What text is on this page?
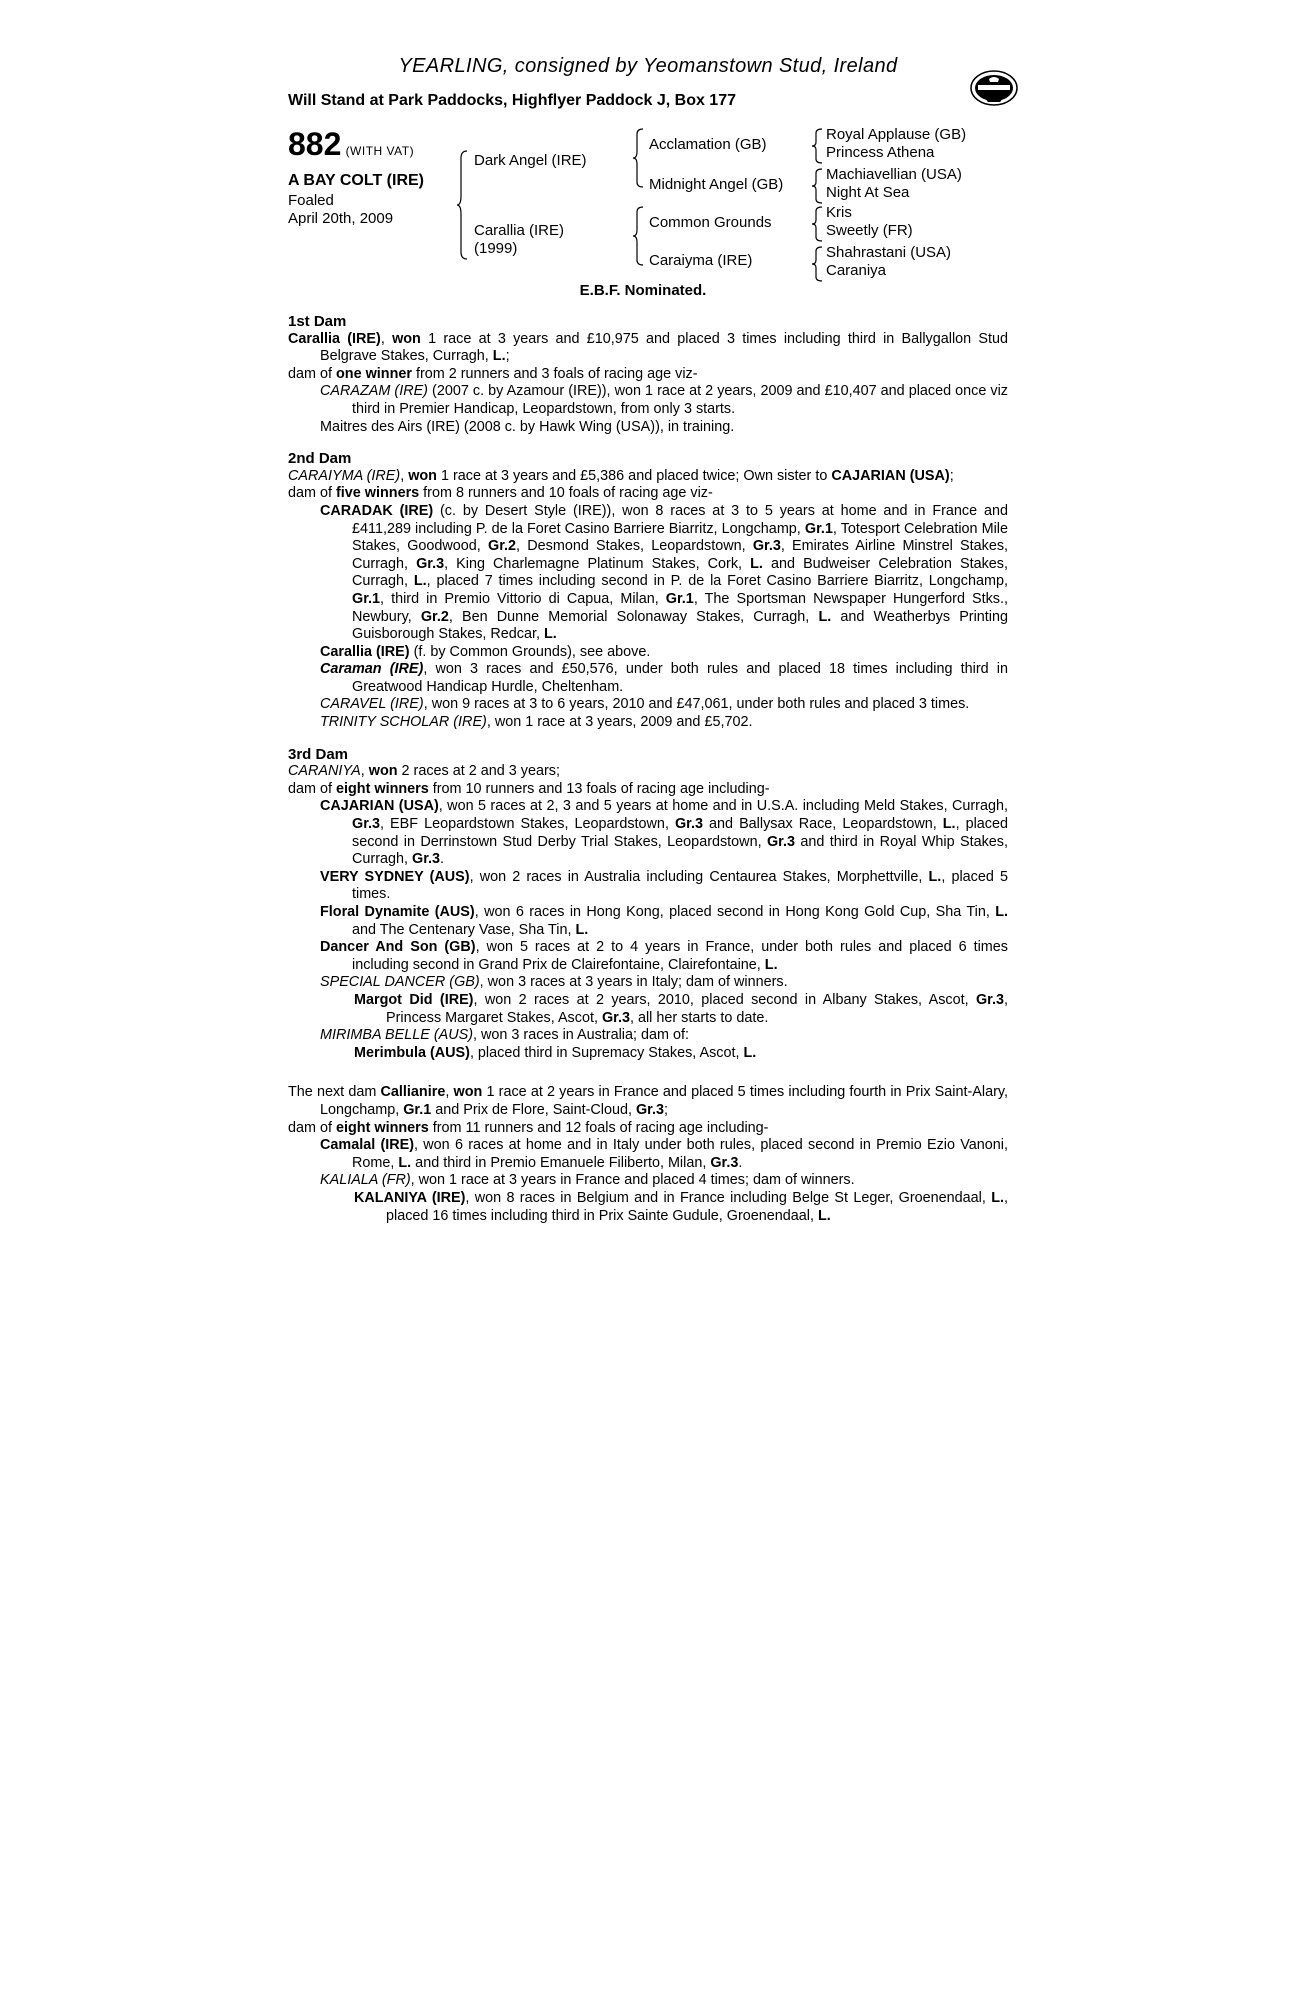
YEARLING, consigned by Yeomanstown Stud, Ireland

Will Stand at Park Paddocks, Highflyer Paddock J, Box 177

882 (WITH VAT)
A BAY COLT (IRE)
Foaled
April 20th, 2009
Dark Angel (IRE)
Carallia (IRE)
(1999)
Acclamation (GB)
Midnight Angel (GB)
Common Grounds
Caraiyma (IRE)
Royal Applause (GB)
Princess Athena
Machiavellian (USA)
Night At Sea
Kris
Sweetly (FR)
Shahrastani (USA)
Caraniya
E.B.F. Nominated.
1st Dam

Carallia (IRE), won 1 race at 3 years and £10,975 and placed 3 times including third in Ballygallon Stud Belgrave Stakes, Curragh, L.;

dam of one winner from 2 runners and 3 foals of racing age viz-

CARAZAM (IRE) (2007 c. by Azamour (IRE)), won 1 race at 2 years, 2009 and £10,407 and placed once viz third in Premier Handicap, Leopardstown, from only 3 starts.

Maitres des Airs (IRE) (2008 c. by Hawk Wing (USA)), in training.

2nd Dam

CARAIYMA (IRE), won 1 race at 3 years and £5,386 and placed twice; Own sister to CAJARIAN (USA);

dam of five winners from 8 runners and 10 foals of racing age viz-

CARADAK (IRE) (c. by Desert Style (IRE)), won 8 races at 3 to 5 years at home and in France and £411,289 including P. de la Foret Casino Barriere Biarritz, Longchamp, Gr.1, Totesport Celebration Mile Stakes, Goodwood, Gr.2, Desmond Stakes, Leopardstown, Gr.3, Emirates Airline Minstrel Stakes, Curragh, Gr.3, King Charlemagne Platinum Stakes, Cork, L. and Budweiser Celebration Stakes, Curragh, L., placed 7 times including second in P. de la Foret Casino Barriere Biarritz, Longchamp, Gr.1, third in Premio Vittorio di Capua, Milan, Gr.1, The Sportsman Newspaper Hungerford Stks., Newbury, Gr.2, Ben Dunne Memorial Solonaway Stakes, Curragh, L. and Weatherbys Printing Guisborough Stakes, Redcar, L.

Carallia (IRE) (f. by Common Grounds), see above.

Caraman (IRE), won 3 races and £50,576, under both rules and placed 18 times including third in Greatwood Handicap Hurdle, Cheltenham.

CARAVEL (IRE), won 9 races at 3 to 6 years, 2010 and £47,061, under both rules and placed 3 times.

TRINITY SCHOLAR (IRE), won 1 race at 3 years, 2009 and £5,702.

3rd Dam

CARANIYA, won 2 races at 2 and 3 years;

dam of eight winners from 10 runners and 13 foals of racing age including-

CAJARIAN (USA), won 5 races at 2, 3 and 5 years at home and in U.S.A. including Meld Stakes, Curragh, Gr.3, EBF Leopardstown Stakes, Leopardstown, Gr.3 and Ballysax Race, Leopardstown, L., placed second in Derrinstown Stud Derby Trial Stakes, Leopardstown, Gr.3 and third in Royal Whip Stakes, Curragh, Gr.3.

VERY SYDNEY (AUS), won 2 races in Australia including Centaurea Stakes, Morphettville, L., placed 5 times.

Floral Dynamite (AUS), won 6 races in Hong Kong, placed second in Hong Kong Gold Cup, Sha Tin, L. and The Centenary Vase, Sha Tin, L.

Dancer And Son (GB), won 5 races at 2 to 4 years in France, under both rules and placed 6 times including second in Grand Prix de Clairefontaine, Clairefontaine, L.

SPECIAL DANCER (GB), won 3 races at 3 years in Italy; dam of winners.

Margot Did (IRE), won 2 races at 2 years, 2010, placed second in Albany Stakes, Ascot, Gr.3, Princess Margaret Stakes, Ascot, Gr.3, all her starts to date.

MIRIMBA BELLE (AUS), won 3 races in Australia; dam of:

Merimbula (AUS), placed third in Supremacy Stakes, Ascot, L.

The next dam Callianire, won 1 race at 2 years in France and placed 5 times including fourth in Prix Saint-Alary, Longchamp, Gr.1 and Prix de Flore, Saint-Cloud, Gr.3;

dam of eight winners from 11 runners and 12 foals of racing age including-

Camalal (IRE), won 6 races at home and in Italy under both rules, placed second in Premio Ezio Vanoni, Rome, L. and third in Premio Emanuele Filiberto, Milan, Gr.3.

KALIALA (FR), won 1 race at 3 years in France and placed 4 times; dam of winners.

KALANIYA (IRE), won 8 races in Belgium and in France including Belge St Leger, Groenendaal, L., placed 16 times including third in Prix Sainte Gudule, Groenendaal, L.
